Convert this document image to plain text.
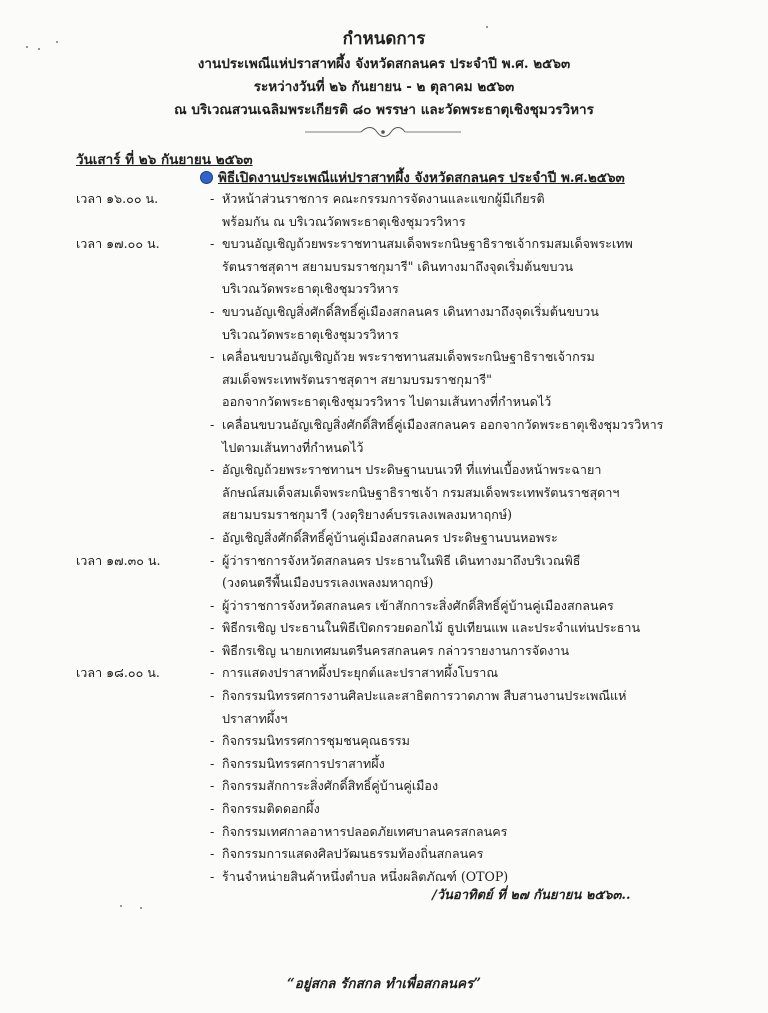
กำหนดการ
งานประเพณีแห่ปราสาทผึ้ง จังหวัดสกลนคร ประจำปี พ.ศ. ๒๕๖๓
ระหว่างวันที่ ๒๖ กันยายน - ๒ ตุลาคม ๒๕๖๓
ณ บริเวณสวนเฉลิมพระเกียรติ ๘๐ พรรษา และวัดพระธาตุเชิงชุมวรวิหาร
วันเสาร์ ที่ ๒๖ กันยายน ๒๕๖๓
พิธีเปิดงานประเพณีแห่ปราสาทผึ้ง จังหวัดสกลนคร ประจำปี พ.ศ.๒๕๖๓
เวลา ๑๖.๐๐ น.	- หัวหน้าส่วนราชการ คณะกรรมการจัดงานและแขกผู้มีเกียรติ
พร้อมกัน ณ บริเวณวัดพระธาตุเชิงชุมวรวิหาร
เวลา ๑๗.๐๐ น.	- ขบวนอัญเชิญถ้วยพระราชทานสมเด็จพระกนิษฐาธิราชเจ้ากรมสมเด็จพระเทพ
รัตนราชสุดาฯ สยามบรมราชกุมารี" เดินทางมาถึงจุดเริ่มต้นขบวน
บริเวณวัดพระธาตุเชิงชุมวรวิหาร
- ขบวนอัญเชิญสิ่งศักดิ์สิทธิ์คู่เมืองสกลนคร เดินทางมาถึงจุดเริ่มต้นขบวน
บริเวณวัดพระธาตุเชิงชุมวรวิหาร
- เคลื่อนขบวนอัญเชิญถ้วย พระราชทานสมเด็จพระกนิษฐาธิราชเจ้ากรม
สมเด็จพระเทพรัตนราชสุดาฯ สยามบรมราชกุมารี"
ออกจากวัดพระธาตุเชิงชุมวรวิหาร ไปตามเส้นทางที่กำหนดไว้
- เคลื่อนขบวนอัญเชิญสิ่งศักดิ์สิทธิ์คู่เมืองสกลนคร ออกจากวัดพระธาตุเชิงชุมวรวิหาร
ไปตามเส้นทางที่กำหนดไว้
- อัญเชิญถ้วยพระราชทานฯ ประดิษฐานบนเวที ที่แท่นเบื้องหน้าพระฉายา
ลักษณ์สมเด็จสมเด็จพระกนิษฐาธิราชเจ้า กรมสมเด็จพระเทพรัตนราชสุดาฯ
สยามบรมราชกุมารี (วงดุริยางค์บรรเลงเพลงมหาฤกษ์)
- อัญเชิญสิ่งศักดิ์สิทธิ์คู่บ้านคู่เมืองสกลนคร ประดิษฐานบนหอพระ
เวลา ๑๗.๓๐ น.	- ผู้ว่าราชการจังหวัดสกลนคร ประธานในพิธี เดินทางมาถึงบริเวณพิธี
(วงดนตรีพื้นเมืองบรรเลงเพลงมหาฤกษ์)
- ผู้ว่าราชการจังหวัดสกลนคร เข้าสักการะสิ่งศักดิ์สิทธิ์คู่บ้านคู่เมืองสกลนคร
- พิธีกรเชิญ ประธานในพิธีเปิดกรวยดอกไม้ ธูปเทียนแพ และประจำแท่นประธาน
- พิธีกรเชิญ นายกเทศมนตรีนครสกลนคร กล่าวรายงานการจัดงาน
เวลา ๑๘.๐๐ น.	- การแสดงปราสาทผึ้งประยุกต์และปราสาทผึ้งโบราณ
- กิจกรรมนิทรรศการงานศิลปะและสาธิตการวาดภาพ สืบสานงานประเพณีแห่
ปราสาทผึ้งฯ
- กิจกรรมนิทรรศการชุมชนคุณธรรม
- กิจกรรมนิทรรศการปราสาทผึ้ง
- กิจกรรมสักการะสิ่งศักดิ์สิทธิ์คู่บ้านคู่เมือง
- กิจกรรมติดดอกผึ้ง
- กิจกรรมเทศกาลอาหารปลอดภัยเทศบาลนครสกลนคร
- กิจกรรมการแสดงศิลปวัฒนธรรมท้องถิ่นสกลนคร
- ร้านจำหน่ายสินค้าหนึ่งตำบล หนึ่งผลิตภัณฑ์ (OTOP)
/วันอาทิตย์ ที่ ๒๗ กันยายน ๒๕๖๓..
“อยู่สกล รักสกล ทำเพื่อสกลนคร”
